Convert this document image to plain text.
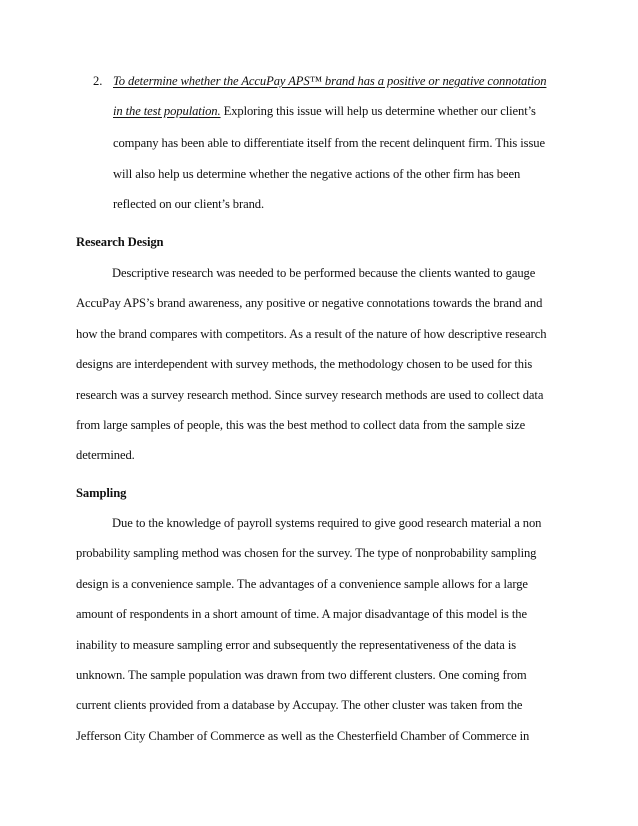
2. To determine whether the AccuPay APS™ brand has a positive or negative connotation
in the test population. Exploring this issue will help us determine whether our client’s
company has been able to differentiate itself from the recent delinquent firm. This issue
will also help us determine whether the negative actions of the other firm has been
reflected on our client’s brand.
Research Design
Descriptive research was needed to be performed because the clients wanted to gauge
AccuPay APS’s brand awareness, any positive or negative connotations towards the brand and
how the brand compares with competitors. As a result of the nature of how descriptive research
designs are interdependent with survey methods, the methodology chosen to be used for this
research was a survey research method. Since survey research methods are used to collect data
from large samples of people, this was the best method to collect data from the sample size
determined.
Sampling
Due to the knowledge of payroll systems required to give good research material a non
probability sampling method was chosen for the survey. The type of nonprobability sampling
design is a convenience sample. The advantages of a convenience sample allows for a large
amount of respondents in a short amount of time. A major disadvantage of this model is the
inability to measure sampling error and subsequently the representativeness of the data is
unknown. The sample population was drawn from two different clusters. One coming from
current clients provided from a database by Accupay. The other cluster was taken from the
Jefferson City Chamber of Commerce as well as the Chesterfield Chamber of Commerce in
